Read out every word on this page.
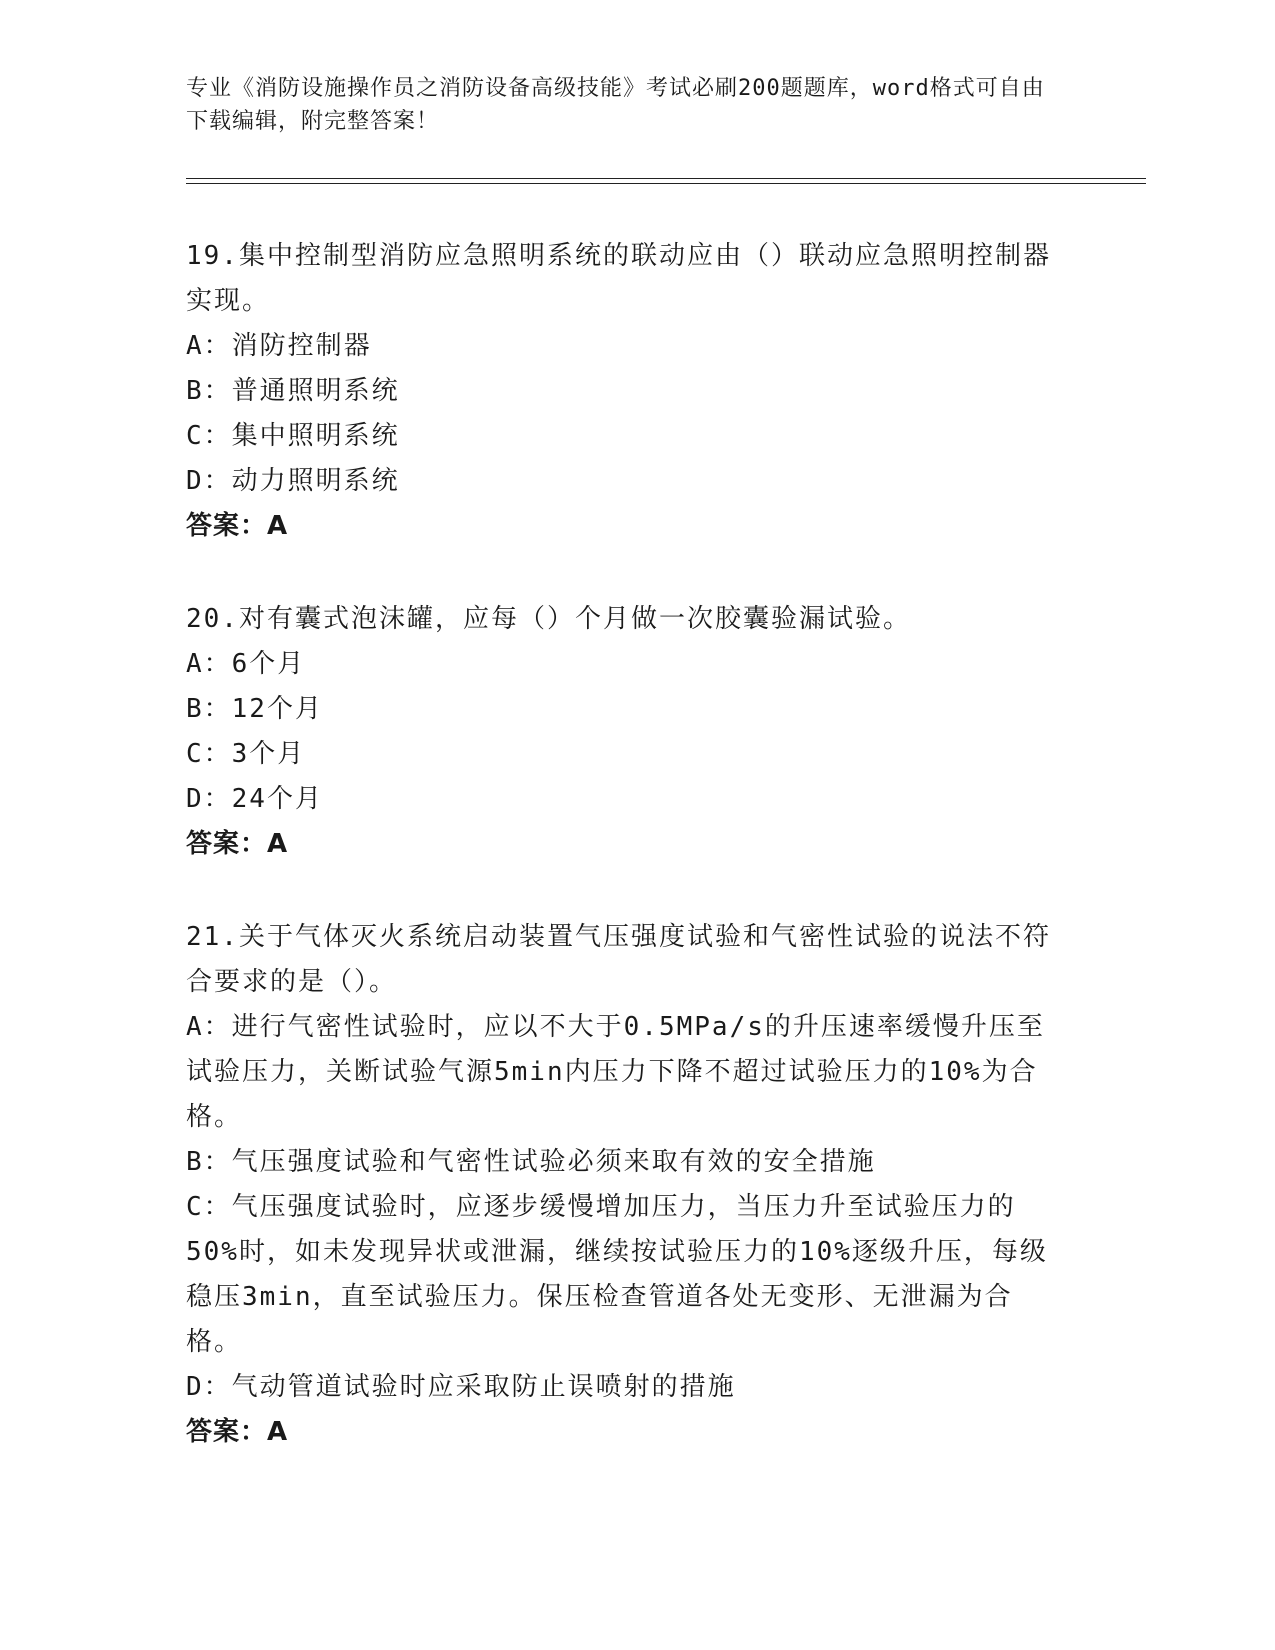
专业《消防设施操作员之消防设备高级技能》考试必刷200题题库，word格式可自由下载编辑，附完整答案！
19.集中控制型消防应急照明系统的联动应由（）联动应急照明控制器实现。
A：消防控制器
B：普通照明系统
C：集中照明系统
D：动力照明系统
答案：A
20.对有囊式泡沫罐，应每（）个月做一次胶囊验漏试验。
A：6个月
B：12个月
C：3个月
D：24个月
答案：A
21.关于气体灭火系统启动装置气压强度试验和气密性试验的说法不符合要求的是（）。
A：进行气密性试验时，应以不大于0.5MPa/s的升压速率缓慢升压至试验压力，关断试验气源5min内压力下降不超过试验压力的10%为合格。
B：气压强度试验和气密性试验必须来取有效的安全措施
C：气压强度试验时，应逐步缓慢增加压力，当压力升至试验压力的50%时，如未发现异状或泄漏，继续按试验压力的10%逐级升压，每级稳压3min，直至试验压力。保压检查管道各处无变形、无泄漏为合格。
D：气动管道试验时应采取防止误喷射的措施
答案：A
